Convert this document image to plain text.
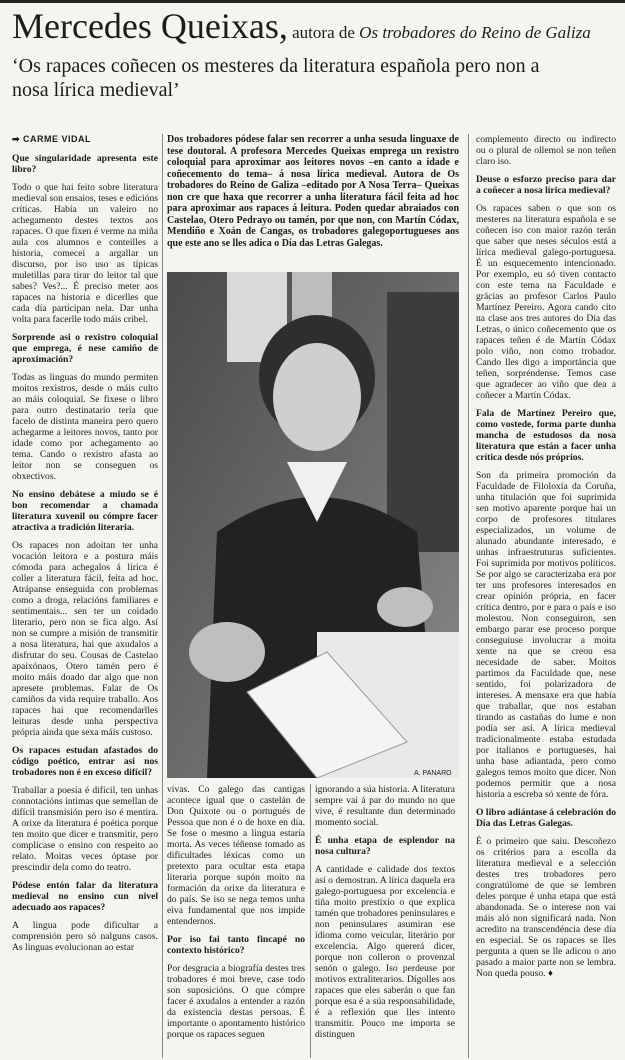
Mercedes Queixas, autora de Os trobadores do Reino de Galiza
‘Os rapaces coñecen os mesteres da literatura española pero non a nosa lírica medieval’
➡ CARME VIDAL

Que singularidade apresenta este libro?

Todo o que hai feito sobre literatura medieval son ensaios, teses e edicións críticas. Había un valeiro no achegamento destes textos aos rapaces. O que fixen é verme na miña aula cos alumnos e conteilles a historia, comecei a argallar un discurso, por iso uso as típicas muletillas para tirar do leitor tal que sabes? Ves?... É preciso meter aos rapaces na historia e dicerlles que cada día participan nela. Dar unha volta para facerlle todo máis cribel.

Sorprende asi o rexistro coloquial que emprega, é nese camiño de aproximación?

Todas as linguas do mundo permiten moitos rexistros, desde o máis culto ao máis coloquial. Se fixese o libro para outro destinatario tería que facelo de distinta maneira pero quero achegarme a leitores novos, tanto por idade como por achegamento ao tema. Cando o rexistro afasta ao leitor non se conseguen os obxectivos.

No ensino debátese a miudo se é bon recomendar a chamada literatura xuvenil ou cómpre facer atractiva a tradición literaria.

Os rapaces non adoitan ter unha vocación leitora e a postura máis cómoda para achegalos á lírica é coller a literatura fácil, feita ad hoc. Atrápanse enseguida con problemas como a droga, relacións familiares e sentimentais... sen ter un coidado literario, pero non se fica algo. Así non se cumpre a misión de transmitir a nosa literatura, hai que axudalos a disfrutar do seu. Cousas de Castelao apaixónaos, Otero tamén pero é moito máis doado dar algo que non apresete problemas. Falar de Os camiños da vida require traballo. Aos rapaces hai que recomendarlles leituras desde unha perspectiva própria ainda que sexa máis custoso.

Os rapaces estudan afastados do código poético, entrar asi nos trobadores non é en exceso difícil?

Traballar a poesía é difícil, ten unhas connotacións íntimas que semellan de difícil transmisión pero iso é mentira. A orixe da literatura é poética porque ten moito que dicer e transmitir, pero complícase o ensino con respeito ao relato. Moitas veces óptase por prescindir dela como do teatro.

Pódese entón falar da literatura medieval no ensino cun nivel adecuado aos rapaces?

A lingua pode dificultar a comprensión pero só nalguns casos. As linguas evolucionan ao estar

Dos trobadores pódese falar sen recorrer a unha sesuda linguaxe de tese doutoral. A profesora Mercedes Queixas emprega un rexistro coloquial para aproximar aos leitores novos –en canto a idade e coñecemento do tema– á nosa lírica medieval. Autora de Os trobadores do Reino de Galiza –editado por A Nosa Terra– Queixas non cre que haxa que recorrer a unha literatura fácil feita ad hoc para aproximar aos rapaces á leitura. Poden quedar abraiados con Castelao, Otero Pedrayo ou tamén, por que non, con Martín Códax, Mendiño e Xoán de Cangas, os trobadores galegoportugueses aos que este ano se lles adica o Día das Letras Galegas.

A. PANARO

vivas. Co galego das cantigas acontece igual que o castelán de Don Quixote ou o portugués de Pessoa que non é o de hoxe en día. Se fose o mesmo a lingua estaría morta. As veces téñense tomado as dificultades léxicas como un pretexto para ocultar esta etapa literaria porque supón moito na formación da orixe da literatura e do país. Se iso se nega temos unha eiva fundamental que nos impide entendernos.

Por iso fai tanto fincapé no contexto histórico?

Por desgracia a biografía destes tres trobadores é moi breve, case todo son suposicións. O que cómpre facer é axudalos a entender a razón da existencia destas persoas. É importante o apontamento histórico porque os rapaces seguen

ignorando a súa historia. A literatura sempre vai á par do mundo no que vive, é resultante dun determinado momento social.

É unha etapa de esplendor na nosa cultura?

A cantidade e calidade dos textos así o demostran. A lírica daquela era galego-portuguesa por excelencia e tiña moito prestíxio o que explica tamén que trobadores peninsulares e non peninsulares asumiran ese idioma como veicular, literário por excelencia. Algo quererá dicer, porque non colleron o provenzal senón o galego. Iso perdeuse por motivos extraliterarios. Dígolles aos rapaces que eles saberán o que fan porque esa é a súa responsabilidade, é a reflexión que lles intento transmitir. Pouco me importa se distinguen

complemento directo ou indirecto ou o plural de ollemol se non teñen claro iso.

Deuse o esforzo preciso para dar a coñecer a nosa lírica medieval?

Os rapaces saben o que son os mesteres na literatura española e se coñecen iso con maior razón terán que saber que neses séculos está a lírica medieval galego-portuguesa. É un esquecemento intencionado. Por exemplo, eu só tiven contacto con este tema na Faculdade e grácias ao profesor Carlos Paulo Martínez Pereiro. Agora cando cito na clase aos tres autores do Día das Letras, o único coñecemento que os rapaces teñen é de Martín Códax polo viño, non como trobador. Cando lles digo a importáncia que teñen, sorpréndense. Temos case que agradecer ao viño que dea a coñecer a Martín Códax.

Fala de Martínez Pereiro que, como vostede, forma parte dunha mancha de estudosos da nosa literatura que están a facer unha crítica desde nós próprios.

Son da primeira promoción da Faculdade de Filoloxía da Coruña, unha titulación que foi suprimida sen motivo aparente porque hai un corpo de profesores titulares especializados, un volume de alunado abundante interesado, e unhas infraestruturas suficientes. Foi suprimida por motivos políticos. Se por algo se caracterizaba era por ter uns profesores interesados en crear opinión própria, en facer crítica dentro, por e para o país e iso molestou. Non conseguiron, sen embargo parar ese proceso porque conseguiuse involucrar a moita xente na que se creou esa necesidade de saber. Moitos partimos da Faculdade que, nese sentido, foi polarizadora de intereses. A mensaxe era que había que traballar, que nos estaban tirando as castañas do lume e non podía ser así. A lírica medieval tradicionalmente estaba estudada por italianos e portugueses, hai unha base adiantada, pero como galegos temos moito que dicer. Non podemos permitir que a nosa historia a escreba só xente de fóra.

O libro adiántase á celebración do Día das Letras Galegas.

É o primeiro que saiu. Descoñezo os critérios para a escolla da literatura medieval e a selección destes tres trobadores pero congratúlome de que se lembren deles porque é unha etapa que está abandonada. Se o interese non vai máis aló non significará nada. Non acredito na transcendéncia dese día en especial. Se os rapaces se lles pergunta a quen se lle adicou o ano pasado a maior parte non se lembra. Non queda pouso. ♦
